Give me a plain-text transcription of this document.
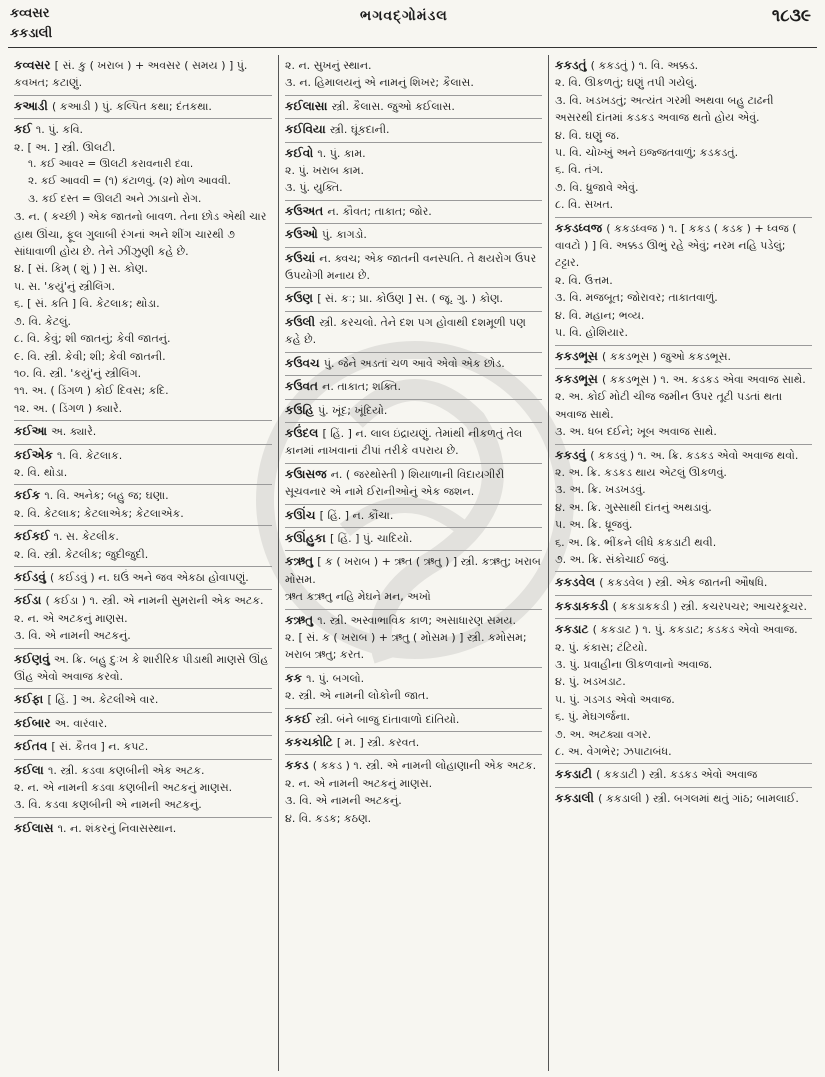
કવ્વસર
કકડાલી
ભગવદ્ગોમંડલ	૧૮૩૯
કવ્વસર [ સં. કુ ( ખરાબ ) + અવસર ( સમય ) ] પું. કવખત; કટાણું.
કઆડી ( કઆડી ) પું. કલ્પિત કથા; દંતકથા.
કઈ ૧. પું. કવિ.
૨. [ અ. ] સ્ત્રી. ઊલટી.
૧. કઈ આવર = ઊલટી કરાવનારી દવા.
૨. કઈ આવવી = (૧) કંટાળવું. (૨) મોળ આવવી.
૩. કઈ દસ્ત = ઊલટી અને ઝાડાનો રોગ.
૩. ન. ( કચ્છી ) એક જાતનો બાવળ. તેના છોડ એથી ચાર હાથ ઊંચા, ફૂલ ગુલાબી રંગનાં અને શીંગ ચારથી ૭ સાંધાવાળી હોય છે. તેને ઝીંઝુણી કહે છે.
૪. [ સં. કિમ્ ( શું ) ] સ. કોણ.
૫. સ. 'કયું'નું સ્ત્રીલિંગ.
૬. [ સં. કતિ ] વિ. કેટલાક; થોડા.
૭. વિ. કેટલું.
૮. વિ. કેવું; શી જાતનું; કેવી જાતનું.
૯. વિ. સ્ત્રી. કેવી; શી; કેવી જાતની.
૧૦. વિ. સ્ત્રી. 'કયું'નું સ્ત્રીલિંગ.
૧૧. અ. ( ડિંગળ ) કોઈ દિવસ; કદિ.
૧૨. અ. ( ડિંગળ ) ક્યારે.
કઈઆ અ. ક્યારે.
કઈએક ૧. વિ. કેટલાક.
૨. વિ. થોડા.
કઈક ૧. વિ. અનેક; બહુ જ; ઘણા.
૨. વિ. કેટલાક; કેટલાએક; કેટલાએક.
કઈકઈ ૧. સ. કેટલીક.
૨. વિ. સ્ત્રી. કેટલીક; જુદીજુદી.
કઈડવું ( કઈડવું ) ન. ઘઉં અને જવ એકઠા હોવાપણું.
કઈડા ( કઈડા ) ૧. સ્ત્રી. એ નામની સુમરાની એક અટક.
૨. ન. એ અટકનું માણસ.
૩. વિ. એ નામની અટકનું.
કઈણવું અ. ક્રિ. બહુ દુઃખ કે શારીરિક પીડાથી માણસે ઊંહ ઊંહ એવો અવાજ કરવો.
કઈફા [ હિં. ] અ. કેટલીએ વાર.
કઈબાર અ. વારંવાર.
કઈતવ [ સં. કૈતવ ] ન. કપટ.
કઈલા ૧. સ્ત્રી. કડવા કણબીની એક અટક.
૨. ન. એ નામની કડવા કણબીની અટકનું માણસ.
૩. વિ. કડવા કણબીની એ નામની અટકનું.
કઈલાસ ૧. ન. શંકરનું નિવાસસ્થાન.
૨. ન. સુખનું સ્થાન.
૩. ન. હિમાલયનું એ નામનું શિખર; કૈલાસ.
કઈલાસા સ્ત્રી. કૈલાસ. જુઓ કઈલાસ.
કઈવિયા સ્ત્રી. ઘૂંકદાની.
કઈવો ૧. પું. કામ.
૨. પું. ખરાબ કામ.
૩. પું. યુક્તિ.
કઉઅત ન. કૌવત; તાકાત; જોર.
કઉઓ પું. કાગડો.
કઉચાં ન. ક્વચ; એક જાતની વનસ્પતિ. તે ક્ષયરોગ ઉપર ઉપયોગી મનાય છે.
કઉણ [ સં. કઃ; પ્રા. કોઉણ ] સ. ( જૂ. ગુ. ) કોણ.
કઉલી સ્ત્રી. કરચલો. તેને દશ પગ હોવાથી દશમૂળી પણ કહે છે.
કઉવચ પું. જેને અડતાં ચળ આવે એવો એક છોડ.
કઉવત ન. તાકાત; શક્તિ.
કઉહિ પું. ખૂંદ; ખૂંદિયો.
કઉંદલ [ હિં. ] ન. લાલ ઇંદ્રાયણું. તેમાંથી નીકળતું તેલ કાનમાં નાખવાનાં ટીપાં તરીકે વપરાય છે.
કઉાસજ ન. ( જરથોસ્તી ) શિયાળાની વિદાયગીરી સૂચવનાર એ નામે ઈરાનીઓનું એક જશન.
કઊંચ [ હિં. ] ન. કૌંચા.
કઊંહુકા [ હિં. ] પું. ચાદિયો.
કઋતુ [ ક ( ખરાબ ) + ઋત ( ઋતુ ) ] સ્ત્રી. કઋતુ; ખરાબ મોસમ.
ઋત કઋતુ નહિ મેઘને મન, અખો
કઋતુ ૧. સ્ત્રી. અસ્વાભાવિક કાળ; અસાધારણ સમય.
૨. [ સં. ક ( ખરાબ ) + ઋતુ ( મોસમ ) ] સ્ત્રી. કમોસમ; ખરાબ ઋતુ; કરત.
કક ૧. પું. બગલો.
૨. સ્ત્રી. એ નામની લોકોની જાત.
કકઈ સ્ત્રી. બંને બાજુ દાંતાવાળો દાંતિયો.
કકચકોટિ [ મ. ] સ્ત્રી. કરવત.
કકડ ( કકડ ) ૧. સ્ત્રી. એ નામની લોહાણાની એક અટક.
૨. ન. એ નામની અટકનું માણસ.
૩. વિ. એ નામની અટકનું.
૪. વિ. કડક; કઠણ.
કકડતું ( કકડતું ) ૧. વિ. અક્કડ.
૨. વિ. ઊકળતું; ઘણું તપી ગયેલું.
૩. વિ. ખડખડતું; અત્યંત ગરમી અથવા બહુ ટાઢની અસરથી દાંતમાં કડકડ અવાજ થતો હોય એવું.
૪. વિ. ઘણું જ.
૫. વિ. ચોખ્ખું અને ઇજ્જતવાળું; કડકડતું.
૬. વિ. તંગ.
૭. વિ. ધ્રુજાવે એવું.
૮. વિ. સખત.
કકડધ્વજ ( કકડધ્વજ ) ૧. [ કકડ ( કડક ) + ધ્વજ ( વાવટો ) ] વિ. અક્કડ ઊભું રહે એવું; નરમ નહિ પડેલું; ટટ્ટાર.
૨. વિ. ઉત્તમ.
૩. વિ. મજબૂત; જોરાવર; તાકાતવાળું.
૪. વિ. મહાન; ભવ્ય.
૫. વિ. હોશિયાર.
કકડભૂસ ( કકડભૂસ ) જુઓ કકડભૂસ.
કકડભૂસ ( કકડભૂસ ) ૧. અ. કડકડ એવા અવાજ સાથે.
૨. અ. કોઈ મોટી ચીજ જમીન ઉપર તૂટી પડતાં થતા અવાજ સાથે.
૩. અ. ધબ દઈને; ખૂબ અવાજ સાથે.
કકડવું ( કકડવું ) ૧. અ. ક્રિ. કડકડ એવો અવાજ થવો.
૨. અ. ક્રિ. કડકડ થાય એટલું ઊકળવું.
૩. અ. ક્રિ. ખડખડવું.
૪. અ. ક્રિ. ગુસ્સાથી દાંતનું અથડાવું.
૫. અ. ક્રિ. ધ્રૂજવું.
૬. અ. ક્રિ. ભીંકને લીધે કકડાટી થવી.
૭. અ. ક્રિ. સંકોચાઈ જવું.
કકડવેલ ( કકડવેલ ) સ્ત્રી. એક જાતની ઔષધિ.
કકડાકકડી ( કકડાકકડી ) સ્ત્રી. કચરપચર; આચરકૂચર.
કકડાટ ( કકડાટ ) ૧. પું. કકડાટ; કડકડ એવો અવાજ.
૨. પું. કંકાસ; ટંટિયો.
૩. પું. પ્રવાહીના ઊકળવાનો અવાજ.
૪. પું. ખડખડાટ.
૫. પું. ગડગડ એવો અવાજ.
૬. પું. મેઘગર્જના.
૭. અ. અટક્યા વગર.
૮. અ. વેગભેર; ઝપાટાબંધ.
કકડાટી ( કકડાટી ) સ્ત્રી. કડકડ એવો અવાજ
કકડાલી ( કકડાલી ) સ્ત્રી. બગલમાં થતું ગાંઠ; બામલાઈ.
